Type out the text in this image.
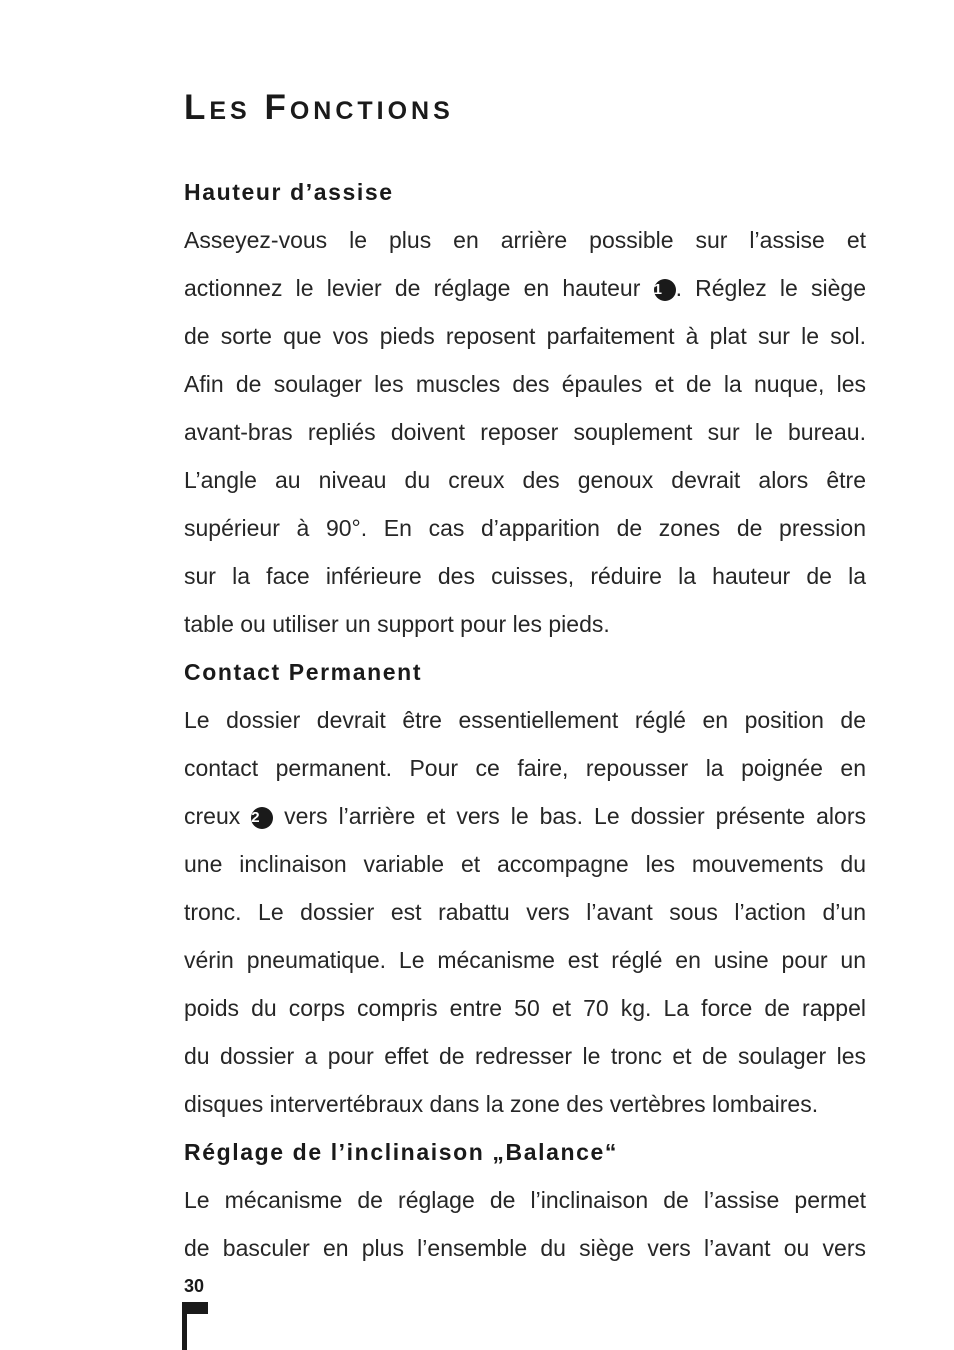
Les Fonctions
Hauteur d’assise

Asseyez-vous le plus en arrière possible sur l’assise et
actionnez le levier de réglage en hauteur 1 . Réglez le siège
de sorte que vos pieds reposent parfaitement à plat sur le sol.
Afin de soulager les muscles des épaules et de la nuque, les
avant-bras repliés doivent reposer souplement sur le bureau.
L’angle au niveau du creux des genoux devrait alors être
supérieur à 90°. En cas d’apparition de zones de pression
sur la face inférieure des cuisses, réduire la hauteur de la
table ou utiliser un support pour les pieds.

Contact Permanent

Le dossier devrait être essentiellement réglé en position de
contact permanent. Pour ce faire, repousser la poignée en
creux 2 vers l’arrière et vers le bas. Le dossier présente alors
une inclinaison variable et accompagne les mouvements du
tronc. Le dossier est rabattu vers l’avant sous l’action d’un
vérin pneumatique. Le mécanisme est réglé en usine pour un
poids du corps compris entre 50 et 70 kg. La force de rappel
du dossier a pour effet de redresser le tronc et de soulager les
disques intervertébraux dans la zone des vertèbres lombaires.

Réglage de l’inclinaison „Balance“

Le mécanisme de réglage de l’inclinaison de l’assise permet
de basculer en plus l’ensemble du siège vers l’avant ou vers

30
